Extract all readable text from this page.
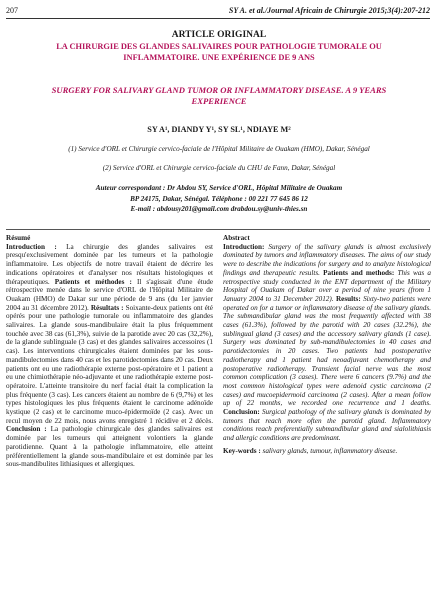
207	SY A. et al./Journal Africain de Chirurgie 2015;3(4):207-212
ARTICLE ORIGINAL
LA CHIRURGIE DES GLANDES SALIVAIRES POUR PATHOLOGIE TUMORALE OU INFLAMMATOIRE. UNE EXPÉRIENCE DE 9 ANS
SURGERY FOR SALIVARY GLAND TUMOR OR INFLAMMATORY DISEASE. A 9 YEARS EXPERIENCE
SY A¹, DIANDY Y¹, SY SL¹, NDIAYE M²
(1) Service d'ORL et Chirurgie cervico-faciale de l'Hôpital Militaire de Ouakam (HMO), Dakar, Sénégal
(2) Service d'ORL et Chirurgie cervico-faciale du CHU de Fann, Dakar, Sénégal
Auteur correspondant : Dr Abdou SY, Service d'ORL, Hôpital Militaire de Ouakam
BP 24175, Dakar, Sénégal. Téléphone : 00 221 77 645 86 12
E-mail : abdousy201@gmail.com drabdou.sy@univ-thies.sn
Résumé

Introduction : La chirurgie des glandes salivaires est presqu'exclusivement dominée par les tumeurs et la pathologie inflammatoire. Les objectifs de notre travail étaient de décrire les indications opératoires et d'analyser nos résultats histologiques et thérapeutiques. Patients et méthodes : Il s'agissait d'une étude rétrospective menée dans le service d'ORL de l'Hôpital Militaire de Ouakam (HMO) de Dakar sur une période de 9 ans (du 1er janvier 2004 au 31 décembre 2012). Résultats : Soixante-deux patients ont été opérés pour une pathologie tumorale ou inflammatoire des glandes salivaires. La glande sous-mandibulaire était la plus fréquemment touchée avec 38 cas (61,3%), suivie de la parotide avec 20 cas (32,2%), de la glande sublinguale (3 cas) et des glandes salivaires accessoires (1 cas). Les interventions chirurgicales étaient dominées par les sous-mandibulectomies dans 40 cas et les parotidectomies dans 20 cas. Deux patients ont eu une radiothérapie externe post-opératoire et 1 patient a eu une chimiothérapie néo-adjuvante et une radiothérapie externe post-opératoire. L'atteinte transitoire du nerf facial était la complication la plus fréquente (3 cas). Les cancers étaient au nombre de 6 (9,7%) et les types histologiques les plus fréquents étaient le carcinome adénoïde kystique (2 cas) et le carcinome muco-épidermoïde (2 cas). Avec un recul moyen de 22 mois, nous avons enregistré 1 récidive et 2 décès. Conclusion : La pathologie chirurgicale des glandes salivaires est dominée par les tumeurs qui atteignent volontiers la glande parotidienne. Quant à la pathologie inflammatoire, elle atteint préférentiellement la glande sous-mandibulaire et est dominée par les sous-mandibulites lithiasiques et allergiques.

Abstract

Introduction: Surgery of the salivary glands is almost exclusively dominated by tumors and inflammatory diseases. The aims of our study were to describe the indications for surgery and to analyze histological findings and therapeutic results. Patients and methods: This was a retrospective study conducted in the ENT department of the Military Hospital of Ouakam of Dakar over a period of nine years (from 1 January 2004 to 31 December 2012). Results: Sixty-two patients were operated on for a tumor or inflammatory disease of the salivary glands. The submandibular gland was the most frequently affected with 38 cases (61.3%), followed by the parotid with 20 cases (32.2%), the sublingual gland (3 cases) and the accessory salivary glands (1 case). Surgery was dominated by sub-mandibulectomies in 40 cases and parotidectomies in 20 cases. Two patients had postoperative radiotherapy and 1 patient had neoadjuvant chemotherapy and postoperative radiotherapy. Transient facial nerve was the most common complication (3 cases). There were 6 cancers (9.7%) and the most common histological types were adenoid cystic carcinoma (2 cases) and mucoepidermoid carcinoma (2 cases). After a mean follow up of 22 months, we recorded one recurrence and 1 deaths. Conclusion: Surgical pathology of the salivary glands is dominated by tumors that reach more often the parotid gland. Inflammatory conditions reach preferentially submandibular gland and sialolithiasis and allergic conditions are predominant.

Key-words : salivary glands, tumour, inflammatory disease.
